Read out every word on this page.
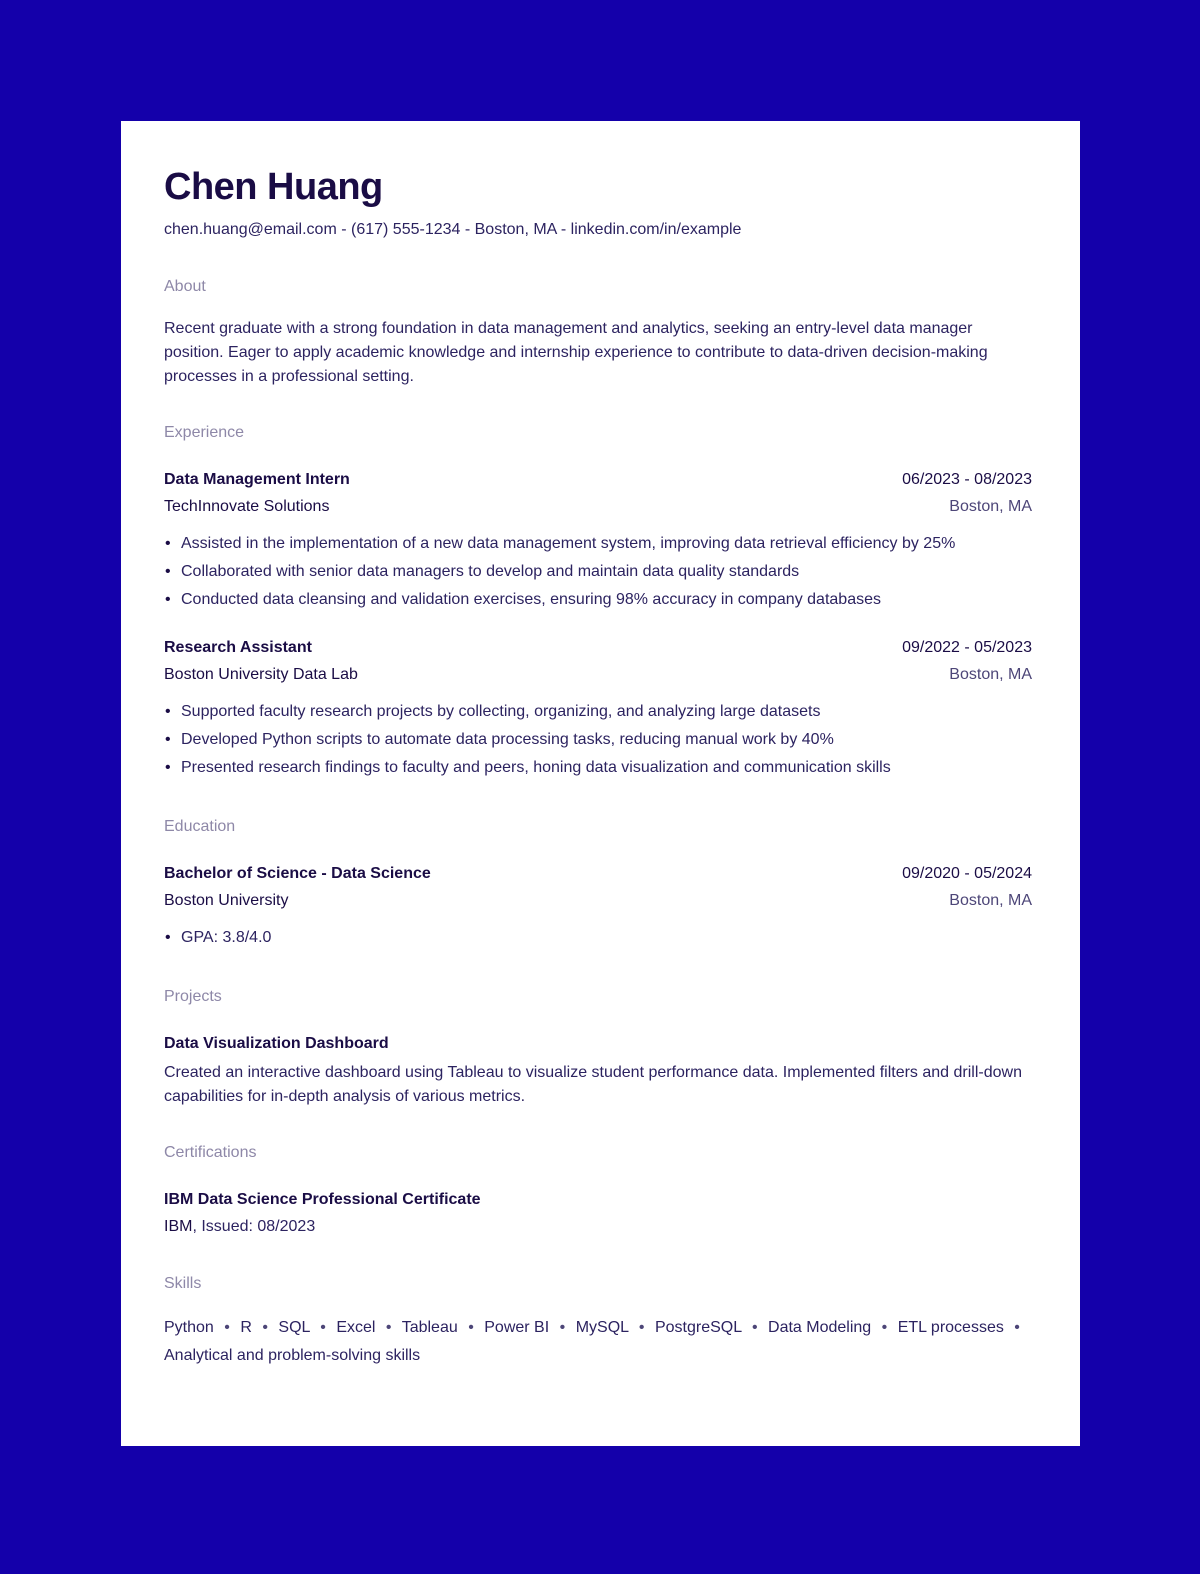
Chen Huang
chen.huang@email.com - (617) 555-1234 - Boston, MA - linkedin.com/in/example
About
Recent graduate with a strong foundation in data management and analytics, seeking an entry-level data manager position. Eager to apply academic knowledge and internship experience to contribute to data-driven decision-making processes in a professional setting.
Experience
Data Management Intern	06/2023 - 08/2023
TechInnovate Solutions	Boston, MA
• Assisted in the implementation of a new data management system, improving data retrieval efficiency by 25%
• Collaborated with senior data managers to develop and maintain data quality standards
• Conducted data cleansing and validation exercises, ensuring 98% accuracy in company databases
Research Assistant	09/2022 - 05/2023
Boston University Data Lab	Boston, MA
• Supported faculty research projects by collecting, organizing, and analyzing large datasets
• Developed Python scripts to automate data processing tasks, reducing manual work by 40%
• Presented research findings to faculty and peers, honing data visualization and communication skills
Education
Bachelor of Science - Data Science	09/2020 - 05/2024
Boston University	Boston, MA
• GPA: 3.8/4.0
Projects
Data Visualization Dashboard
Created an interactive dashboard using Tableau to visualize student performance data. Implemented filters and drill-down capabilities for in-depth analysis of various metrics.
Certifications
IBM Data Science Professional Certificate
IBM, Issued: 08/2023
Skills
Python • R • SQL • Excel • Tableau • Power BI • MySQL • PostgreSQL • Data Modeling • ETL processes • Analytical and problem-solving skills
